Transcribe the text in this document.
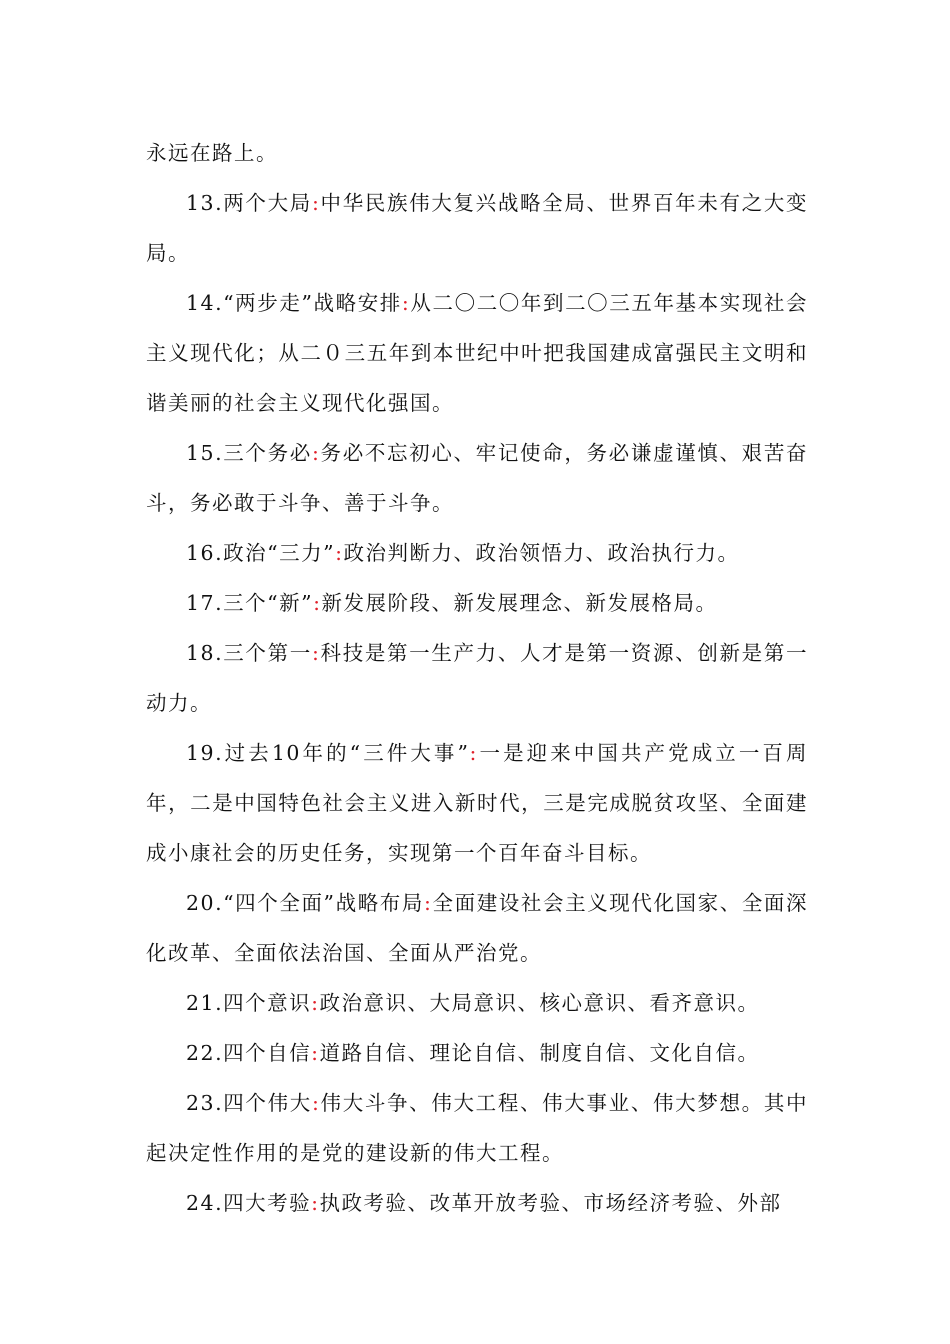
永远在路上。

13.两个大局:中华民族伟大复兴战略全局、世界百年未有之大变局。

14.“两步走”战略安排:从二〇二〇年到二〇三五年基本实现社会主义现代化；从二０三五年到本世纪中叶把我国建成富强民主文明和谐美丽的社会主义现代化强国。

15.三个务必:务必不忘初心、牢记使命，务必谦虚谨慎、艰苦奋斗，务必敢于斗争、善于斗争。

16.政治“三力”:政治判断力、政治领悟力、政治执行力。

17.三个“新”:新发展阶段、新发展理念、新发展格局。

18.三个第一:科技是第一生产力、人才是第一资源、创新是第一动力。

19.过去10年的“三件大事”:一是迎来中国共产党成立一百周年，二是中国特色社会主义进入新时代，三是完成脱贫攻坚、全面建成小康社会的历史任务，实现第一个百年奋斗目标。

20.“四个全面”战略布局:全面建设社会主义现代化国家、全面深化改革、全面依法治国、全面从严治党。

21.四个意识:政治意识、大局意识、核心意识、看齐意识。

22.四个自信:道路自信、理论自信、制度自信、文化自信。

23.四个伟大:伟大斗争、伟大工程、伟大事业、伟大梦想。其中起决定性作用的是党的建设新的伟大工程。

24.四大考验:执政考验、改革开放考验、市场经济考验、外部
